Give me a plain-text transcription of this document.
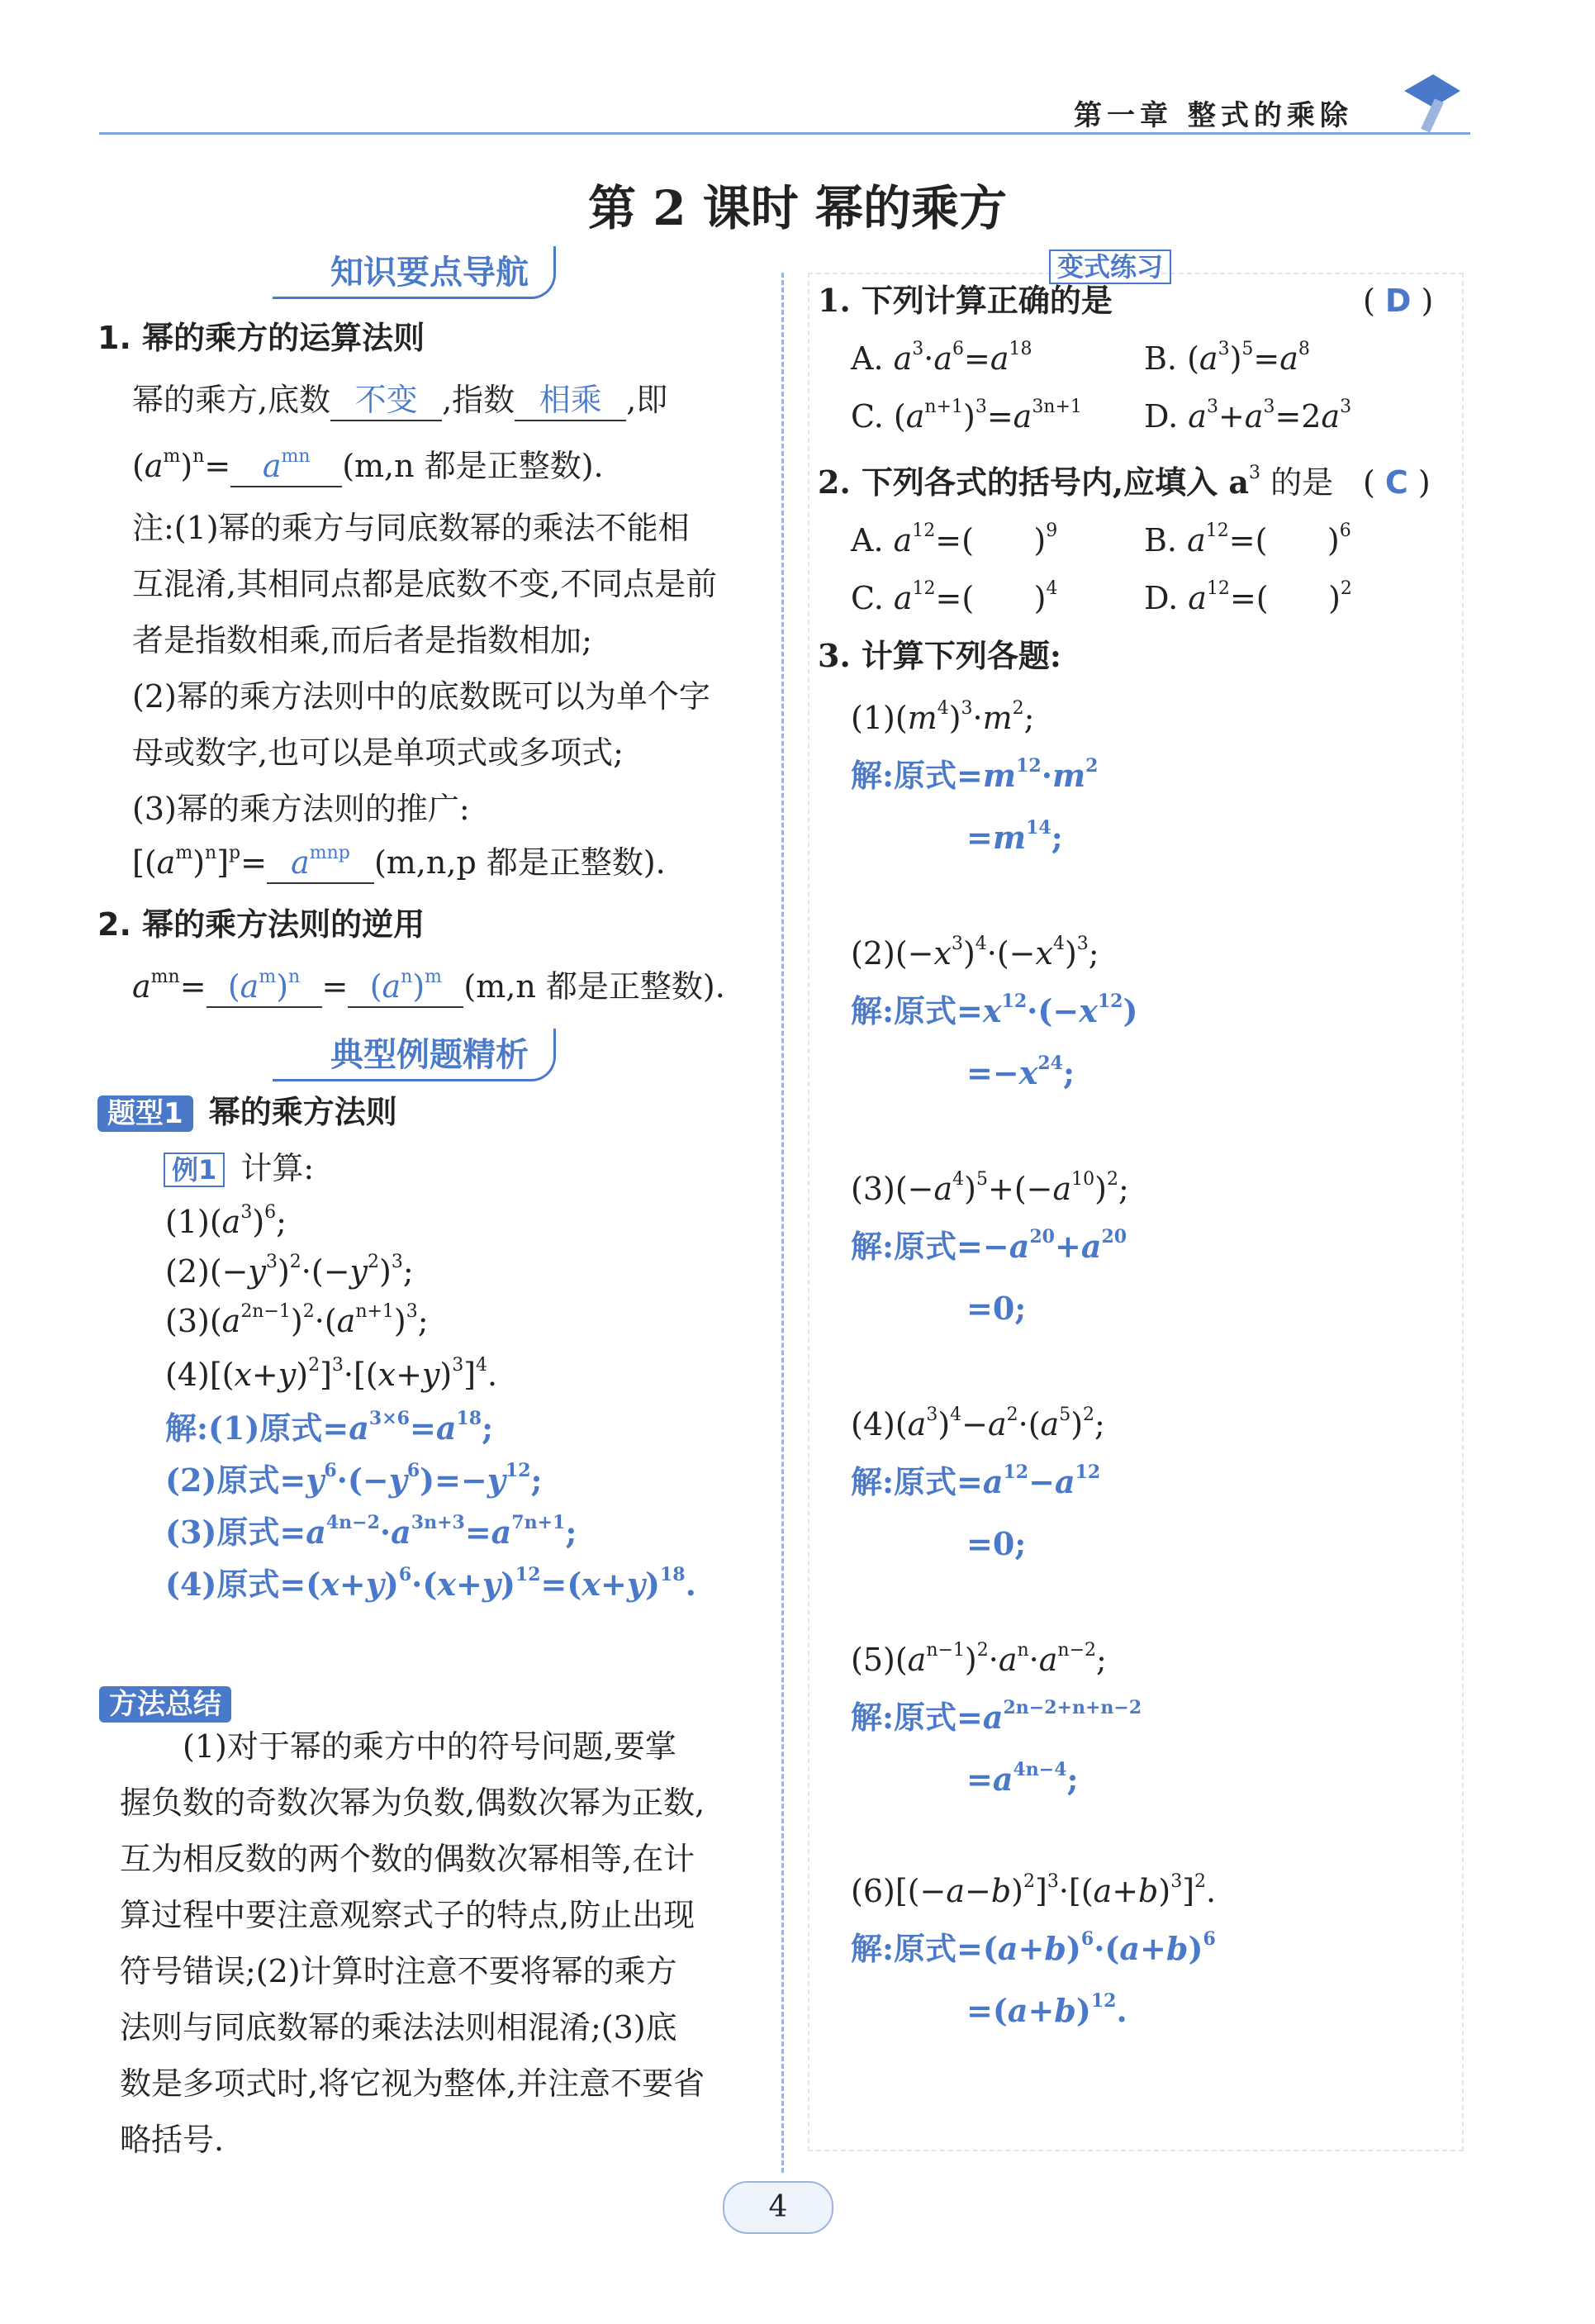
第一章 整式的乘除
第 2 课时 幂的乘方
知识要点导航
1. 幂的乘方的运算法则
幂的乘方,底数 不变 ,指数 相乘 ,即
$(a^m)^n= a^{mn}$ (m,n 都是正整数).
注:(1)幂的乘方与同底数幂的乘法不能相
互混淆,其相同点都是底数不变,不同点是前
者是指数相乘,而后者是指数相加;
(2)幂的乘方法则中的底数既可以为单个字
母或数字,也可以是单项式或多项式;
(3)幂的乘方法则的推广:
$[(a^m)^n]^p= a^{mnp}$ (m,n,p 都是正整数).
2. 幂的乘方法则的逆用
$a^{mn}= (a^m)^n = (a^n)^m$ (m,n 都是正整数).
典型例题精析
题型1 幂的乘方法则
例1 计算:
$(1)(a^3)^6$;
$(2)(-y^3)^2\cdot(-y^2)^3$;
$(3)(a^{2n-1})^2\cdot(a^{n+1})^3$;
$(4)[(x+y)^2]^3\cdot[(x+y)^3]^4$.
解:(1)原式$=a^{3\times 6}=a^{18}$;
(2)原式$=y^6\cdot(-y^6)=-y^{12}$;
(3)原式$=a^{4n-2}\cdot a^{3n+3}=a^{7n+1}$;
(4)原式$=(x+y)^6\cdot(x+y)^{12}=(x+y)^{18}$.
方法总结
(1)对于幂的乘方中的符号问题,要掌
握负数的奇数次幂为负数,偶数次幂为正数,
互为相反数的两个数的偶数次幂相等,在计
算过程中要注意观察式子的特点,防止出现
符号错误;(2)计算时注意不要将幂的乘方
法则与同底数幂的乘法法则相混淆;(3)底
数是多项式时,将它视为整体,并注意不要省
略括号.
变式练习
1. 下列计算正确的是	( D )
A. $a^3\cdot a^6=a^{18}$	B. $(a^3)^5=a^8$
C. $(a^{n+1})^3=a^{3n+1}$ D. $a^3+a^3=2a^3$
2. 下列各式的括号内,应填入 $a^3$ 的是 ( C )
A. $a^{12}=$(      )$^9$	B. $a^{12}=$(      )$^6$
C. $a^{12}=$(      )$^4$	D. $a^{12}=$(      )$^2$
3. 计算下列各题:
$(1)(m^4)^3\cdot m^2$;
解:原式$=m^{12}\cdot m^2$
$=m^{14}$;
$(2)(-x^3)^4\cdot(-x^4)^3$;
解:原式$=x^{12}\cdot(-x^{12})$
$=-x^{24}$;
$(3)(-a^4)^5+(-a^{10})^2$;
解:原式$=-a^{20}+a^{20}$
=0;
$(4)(a^3)^4-a^2\cdot(a^5)^2$;
解:原式$=a^{12}-a^{12}$
=0;
$(5)(a^{n-1})^2\cdot a^n\cdot a^{n-2}$;
解:原式$=a^{2n-2+n+n-2}$
$=a^{4n-4}$;
$(6)[(-a-b)^2]^3\cdot[(a+b)^3]^2$.
解:原式$=(a+b)^6\cdot(a+b)^6$
$=(a+b)^{12}$.
4
